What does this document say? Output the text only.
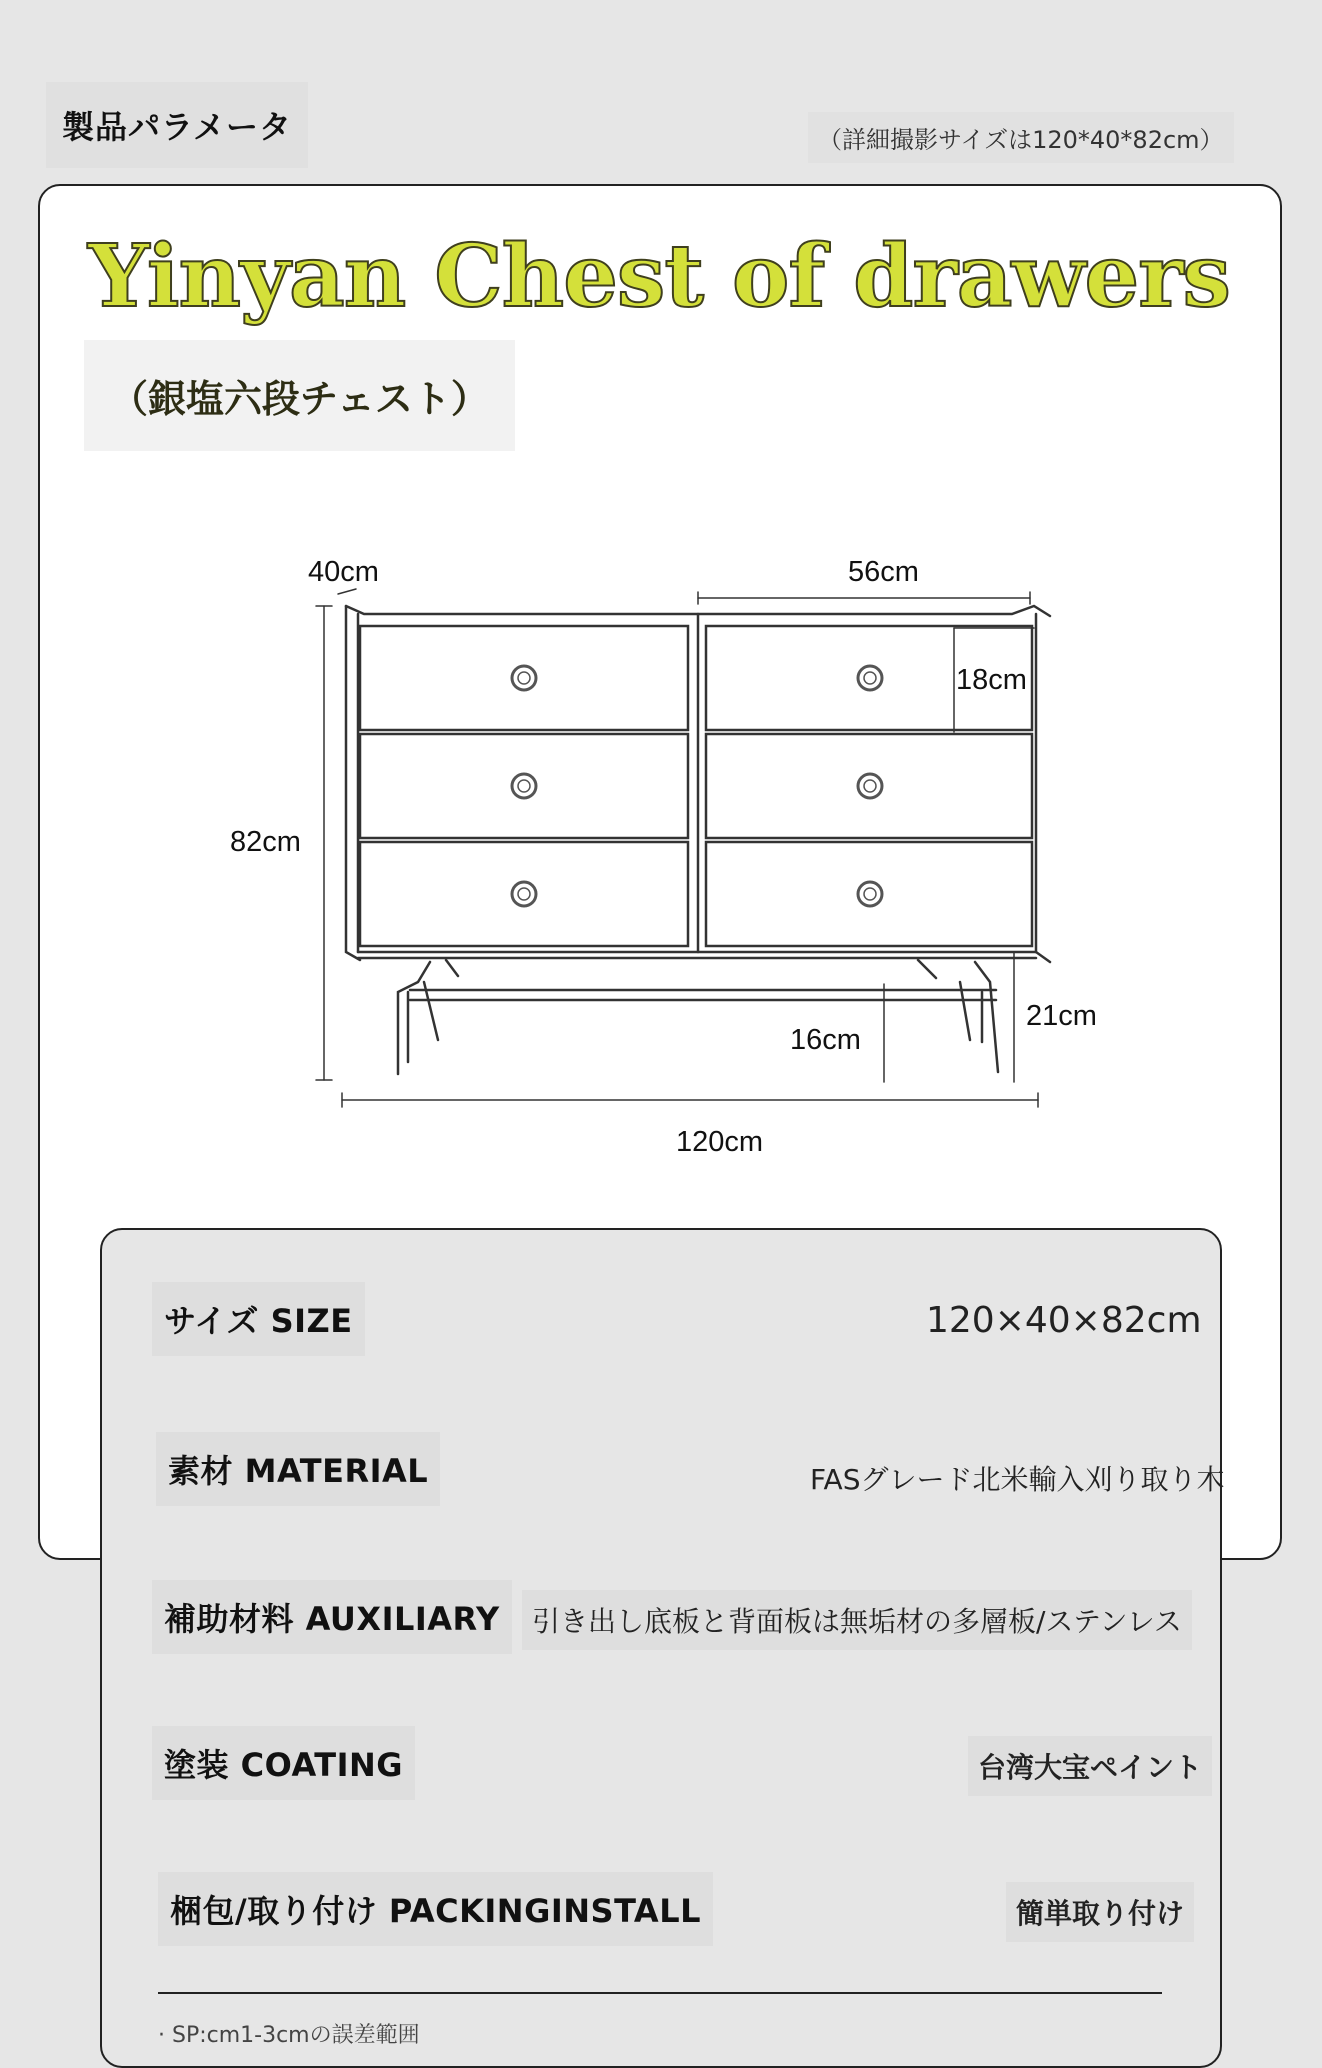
製品パラメータ	（詳細撮影サイズは120*40*82cm）
Yinyan Chest of drawers
（銀塩六段チェスト）
40cm	56cm
18cm
82cm
16cm
21cm
120cm
サイズ SIZE	120×40×82cm
素材 MATERIAL	FASグレード北米輸入刈り取り木
補助材料 AUXILIARY	引き出し底板と背面板は無垢材の多層板/ステンレス
塗装 COATING	台湾大宝ペイント
梱包/取り付け PACKINGINSTALL	簡単取り付け
· SP:cm1-3cmの誤差範囲
